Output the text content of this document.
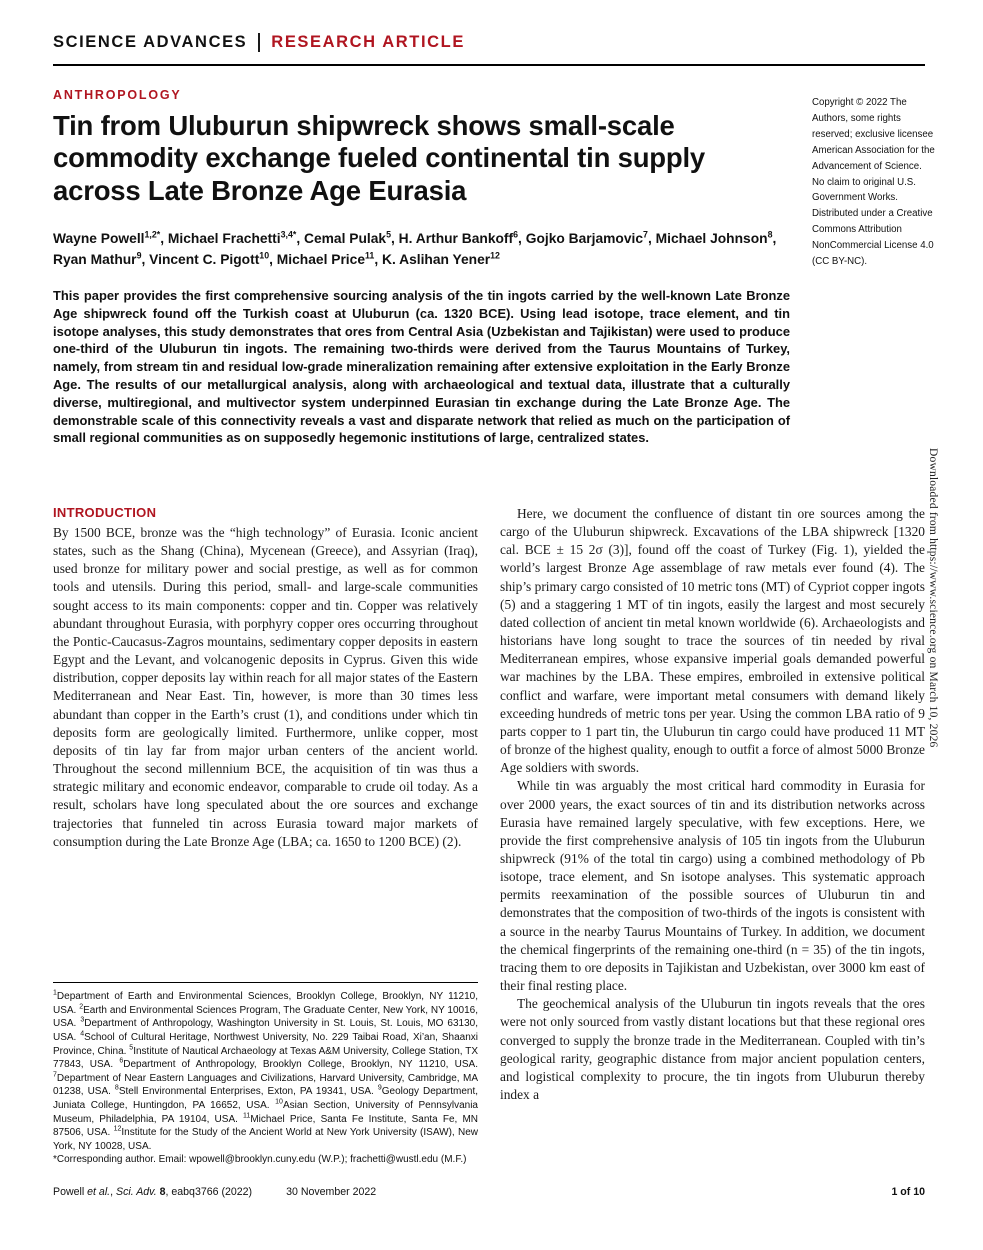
SCIENCE ADVANCES RESEARCH ARTICLE
ANTHROPOLOGY
Tin from Uluburun shipwreck shows small-scale commodity exchange fueled continental tin supply across Late Bronze Age Eurasia
Wayne Powell$^{1,2*}$, Michael Frachetti$^{3,4*}$, Cemal Pulak$^5$, H. Arthur Bankoff$^6$, Gojko Barjamovic$^7$, Michael Johnson$^8$, Ryan Mathur$^9$, Vincent C. Pigott$^{10}$, Michael Price$^{11}$, K. Aslihan Yener$^{12}$
This paper provides the first comprehensive sourcing analysis of the tin ingots carried by the well-known Late Bronze Age shipwreck found off the Turkish coast at Uluburun (ca. 1320 BCE). Using lead isotope, trace element, and tin isotope analyses, this study demonstrates that ores from Central Asia (Uzbekistan and Tajikistan) were used to produce one-third of the Uluburun tin ingots. The remaining two-thirds were derived from the Taurus Mountains of Turkey, namely, from stream tin and residual low-grade mineralization remaining after extensive exploitation in the Early Bronze Age. The results of our metallurgical analysis, along with archaeological and textual data, illustrate that a culturally diverse, multiregional, and multivector system underpinned Eurasian tin exchange during the Late Bronze Age. The demonstrable scale of this connectivity reveals a vast and disparate network that relied as much on the participation of small regional communities as on supposedly hegemonic institutions of large, centralized states.
Copyright © 2022 The Authors, some rights reserved; exclusive licensee American Association for the Advancement of Science. No claim to original U.S. Government Works. Distributed under a Creative Commons Attribution NonCommercial License 4.0 (CC BY-NC).
INTRODUCTION

By 1500 BCE, bronze was the “high technology” of Eurasia. Iconic ancient states, such as the Shang (China), Mycenean (Greece), and Assyrian (Iraq), used bronze for military power and social prestige, as well as for common tools and utensils. During this period, small- and large-scale communities sought access to its main components: copper and tin. Copper was relatively abundant throughout Eurasia, with porphyry copper ores occurring throughout the Pontic-Caucasus-Zagros mountains, sedimentary copper deposits in eastern Egypt and the Levant, and volcanogenic deposits in Cyprus. Given this wide distribution, copper deposits lay within reach for all major states of the Eastern Mediterranean and Near East. Tin, however, is more than 30 times less abundant than copper in the Earth’s crust (1), and conditions under which tin deposits form are geologically limited. Furthermore, unlike copper, most deposits of tin lay far from major urban centers of the ancient world. Throughout the second millennium BCE, the acquisition of tin was thus a strategic military and economic endeavor, comparable to crude oil today. As a result, scholars have long speculated about the ore sources and exchange trajectories that funneled tin across Eurasia toward major markets of consumption during the Late Bronze Age (LBA; ca. 1650 to 1200 BCE) (2).

$^1$Department of Earth and Environmental Sciences, Brooklyn College, Brooklyn, NY 11210, USA. $^2$Earth and Environmental Sciences Program, The Graduate Center, New York, NY 10016, USA. $^3$Department of Anthropology, Washington University in St. Louis, St. Louis, MO 63130, USA. $^4$School of Cultural Heritage, Northwest University, No. 229 Taibai Road, Xi’an, Shaanxi Province, China. $^5$Institute of Nautical Archaeology at Texas A&M University, College Station, TX 77843, USA. $^6$Department of Anthropology, Brooklyn College, Brooklyn, NY 11210, USA. $^7$Department of Near Eastern Languages and Civilizations, Harvard University, Cambridge, MA 01238, USA. $^8$Stell Environmental Enterprises, Exton, PA 19341, USA. $^9$Geology Department, Juniata College, Huntingdon, PA 16652, USA. $^{10}$Asian Section, University of Pennsylvania Museum, Philadelphia, PA 19104, USA. $^{11}$Michael Price, Santa Fe Institute, Santa Fe, MN 87506, USA. $^{12}$Institute for the Study of the Ancient World at New York University (ISAW), New York, NY 10028, USA.

*Corresponding author. Email: wpowell@brooklyn.cuny.edu (W.P.); frachetti@wustl.edu (M.F.)

Here, we document the confluence of distant tin ore sources among the cargo of the Uluburun shipwreck. Excavations of the LBA shipwreck [1320 cal. BCE ± 15 2σ (3)], found off the coast of Turkey (Fig. 1), yielded the world’s largest Bronze Age assemblage of raw metals ever found (4). The ship’s primary cargo consisted of 10 metric tons (MT) of Cypriot copper ingots (5) and a staggering 1 MT of tin ingots, easily the largest and most securely dated collection of ancient tin metal known worldwide (6). Archaeologists and historians have long sought to trace the sources of tin needed by rival Mediterranean empires, whose expansive imperial goals demanded powerful war machines by the LBA. These empires, embroiled in extensive political conflict and warfare, were important metal consumers with demand likely exceeding hundreds of metric tons per year. Using the common LBA ratio of 9 parts copper to 1 part tin, the Uluburun tin cargo could have produced 11 MT of bronze of the highest quality, enough to outfit a force of almost 5000 Bronze Age soldiers with swords.

While tin was arguably the most critical hard commodity in Eurasia for over 2000 years, the exact sources of tin and its distribution networks across Eurasia have remained largely speculative, with few exceptions. Here, we provide the first comprehensive analysis of 105 tin ingots from the Uluburun shipwreck (91% of the total tin cargo) using a combined methodology of Pb isotope, trace element, and Sn isotope analyses. This systematic approach permits reexamination of the possible sources of Uluburun tin and demonstrates that the composition of two-thirds of the ingots is consistent with a source in the nearby Taurus Mountains of Turkey. In addition, we document the chemical fingerprints of the remaining one-third (n = 35) of the tin ingots, tracing them to ore deposits in Tajikistan and Uzbekistan, over 3000 km east of their final resting place.

The geochemical analysis of the Uluburun tin ingots reveals that the ores were not only sourced from vastly distant locations but that these regional ores converged to supply the bronze trade in the Mediterranean. Coupled with tin’s geological rarity, geographic distance from major ancient population centers, and logistical complexity to procure, the tin ingots from Uluburun thereby index a

Downloaded from https://www.science.org on March 10, 2026
Powell et al., Sci. Adv. 8, eabq3766 (2022)	30 November 2022	1 of 10
